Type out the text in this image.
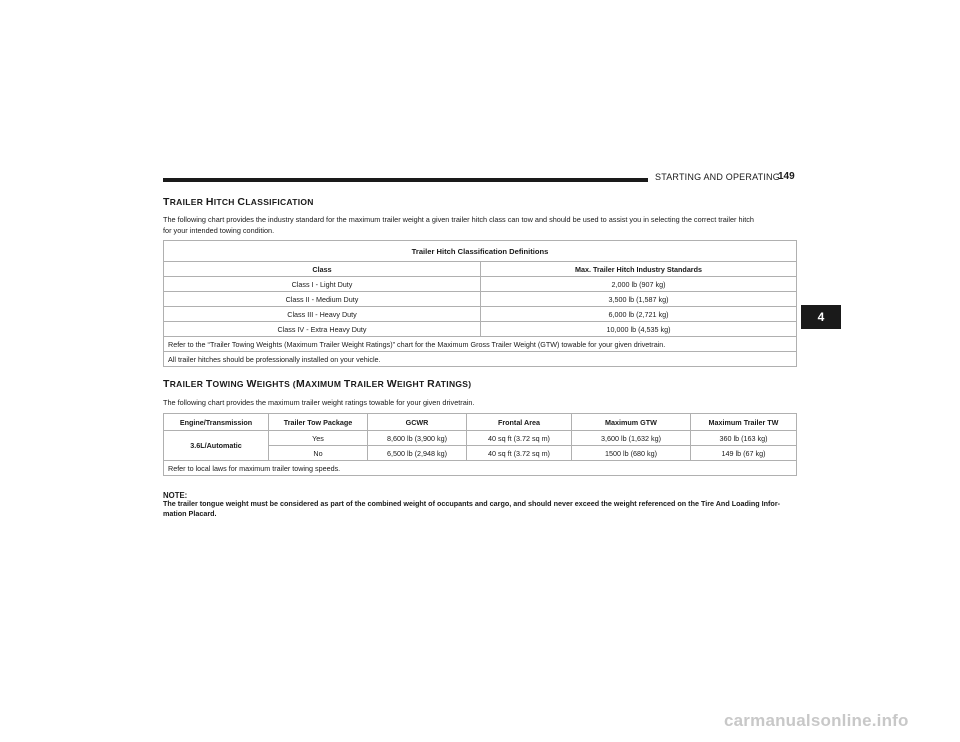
STARTING AND OPERATING
149
4
TRAILER HITCH CLASSIFICATION
The following chart provides the industry standard for the maximum trailer weight a given trailer hitch class can tow and should be used to assist you in selecting the correct trailer hitch
for your intended towing condition.
Trailer Hitch Classification Definitions	
Class	Max. Trailer Hitch Industry Standards
Class I - Light Duty	2,000 lb (907 kg)
Class II - Medium Duty	3,500 lb (1,587 kg)
Class III - Heavy Duty	6,000 lb (2,721 kg)
Class IV - Extra Heavy Duty	10,000 lb (4,535 kg)
Refer to the “Trailer Towing Weights (Maximum Trailer Weight Ratings)” chart for the Maximum Gross Trailer Weight (GTW) towable for your given drivetrain.	
All trailer hitches should be professionally installed on your vehicle.	
TRAILER TOWING WEIGHTS (MAXIMUM TRAILER WEIGHT RATINGS)
The following chart provides the maximum trailer weight ratings towable for your given drivetrain.
Engine/Transmission	Trailer Tow Package	GCWR	Frontal Area	Maximum GTW	Maximum Trailer TW
3.6L/Automatic	Yes	8,600 lb (3,900 kg)	40 sq ft (3.72 sq m)	3,600 lb (1,632 kg)	360 lb (163 kg)
	No	6,500 lb (2,948 kg)	40 sq ft (3.72 sq m)	1500 lb (680 kg)	149 lb (67 kg)
Refer to local laws for maximum trailer towing speeds.					
NOTE:
The trailer tongue weight must be considered as part of the combined weight of occupants and cargo, and should never exceed the weight referenced on the Tire And Loading Infor-
mation Placard.
carmanualsonline.info
